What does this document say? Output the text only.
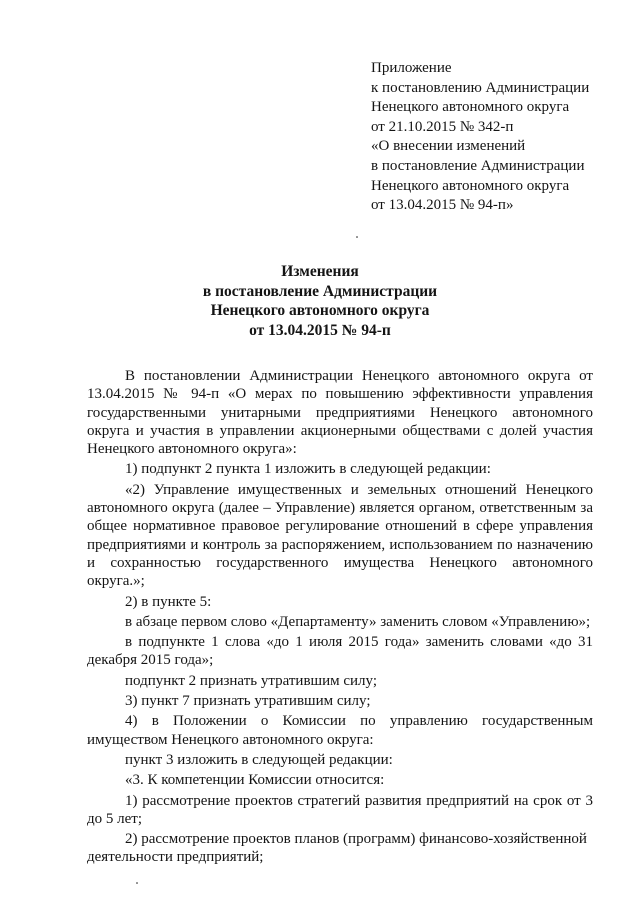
Приложение
к постановлению Администрации
Ненецкого автономного округа
от 21.10.2015 № 342-п
«О внесении изменений
в постановление Администрации
Ненецкого автономного округа
от 13.04.2015 № 94-п»
Изменения
в постановление Администрации
Ненецкого автономного округа
от 13.04.2015 № 94-п

В постановлении Администрации Ненецкого автономного округа от 13.04.2015 № 94-п «О мерах по повышению эффективности управления государственными унитарными предприятиями Ненецкого автономного округа и участия в управлении акционерными обществами с долей участия Ненецкого автономного округа»:

1) подпункт 2 пункта 1 изложить в следующей редакции:

«2) Управление имущественных и земельных отношений Ненецкого автономного округа (далее – Управление) является органом, ответственным за общее нормативное правовое регулирование отношений в сфере управления предприятиями и контроль за распоряжением, использованием по назначению и сохранностью государственного имущества Ненецкого автономного округа.»;

2) в пункте 5:

в абзаце первом слово «Департаменту» заменить словом «Управлению»;

в подпункте 1 слова «до 1 июля 2015 года» заменить словами «до 31 декабря 2015 года»;

подпункт 2 признать утратившим силу;

3) пункт 7 признать утратившим силу;

4) в Положении о Комиссии по управлению государственным имуществом Ненецкого автономного округа:

пункт 3 изложить в следующей редакции:

«3. К компетенции Комиссии относится:

1) рассмотрение проектов стратегий развития предприятий на срок от 3 до 5 лет;

2) рассмотрение проектов планов (программ) финансово-хозяйственной деятельности предприятий;
